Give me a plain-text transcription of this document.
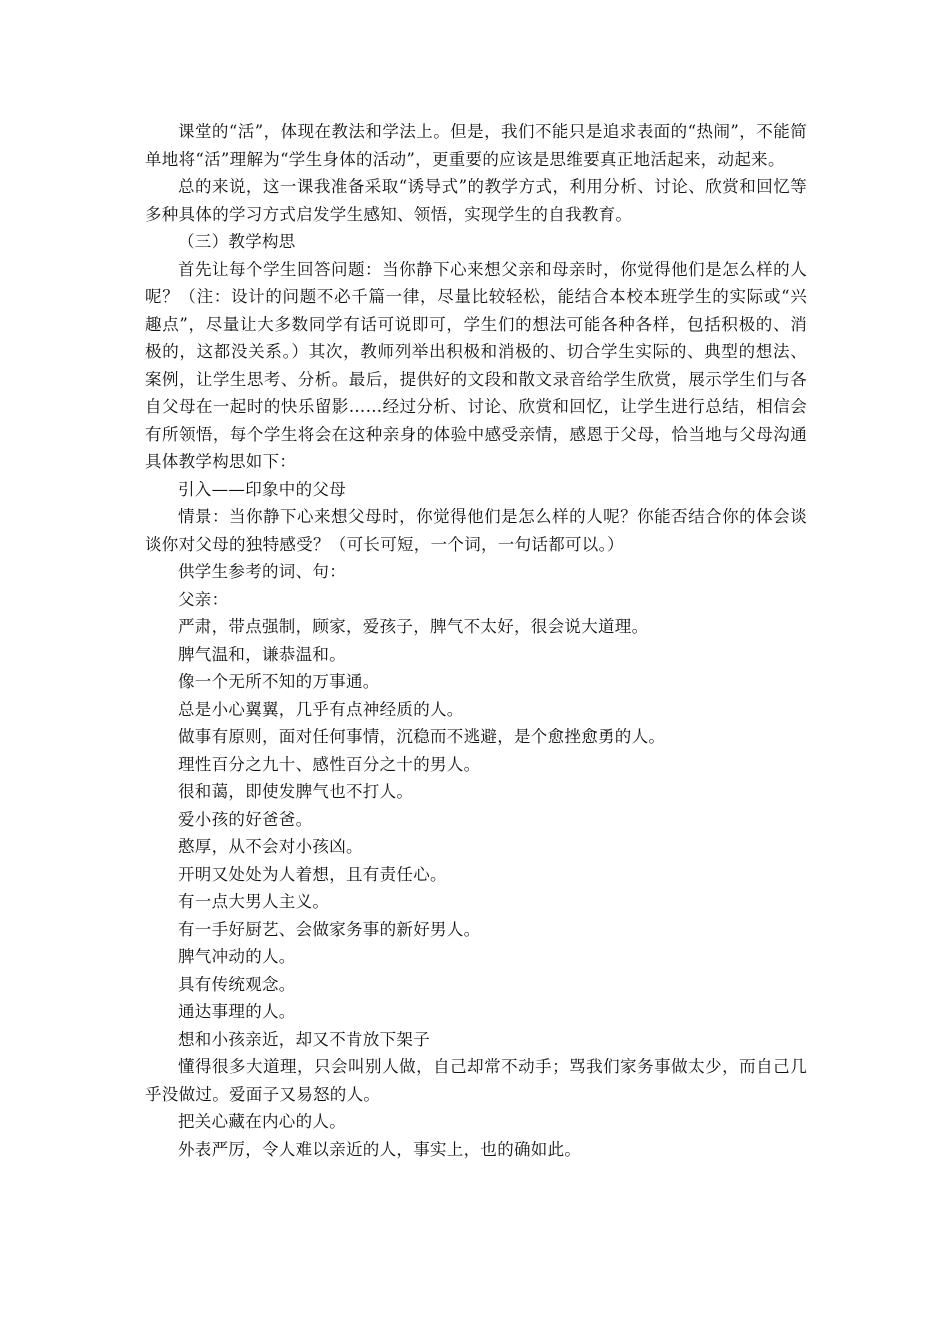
课堂的“活”，体现在教法和学法上。但是，我们不能只是追求表面的“热闹”，不能简单地将“活”理解为“学生身体的活动”，更重要的应该是思维要真正地活起来，动起来。

总的来说，这一课我准备采取“诱导式”的教学方式，利用分析、讨论、欣赏和回忆等多种具体的学习方式启发学生感知、领悟，实现学生的自我教育。

（三）教学构思

首先让每个学生回答问题：当你静下心来想父亲和母亲时，你觉得他们是怎么样的人呢？（注：设计的问题不必千篇一律，尽量比较轻松，能结合本校本班学生的实际或“兴趣点”，尽量让大多数同学有话可说即可，学生们的想法可能各种各样，包括积极的、消极的，这都没关系。）其次，教师列举出积极和消极的、切合学生实际的、典型的想法、案例，让学生思考、分析。最后，提供好的文段和散文录音给学生欣赏，展示学生们与各自父母在一起时的快乐留影……经过分析、讨论、欣赏和回忆，让学生进行总结，相信会有所领悟，每个学生将会在这种亲身的体验中感受亲情，感恩于父母，恰当地与父母沟通具体教学构思如下：

引入——印象中的父母

情景：当你静下心来想父母时，你觉得他们是怎么样的人呢？你能否结合你的体会谈谈你对父母的独特感受？（可长可短，一个词，一句话都可以。）

供学生参考的词、句：

父亲：

严肃，带点强制，顾家，爱孩子，脾气不太好，很会说大道理。

脾气温和，谦恭温和。

像一个无所不知的万事通。

总是小心翼翼，几乎有点神经质的人。

做事有原则，面对任何事情，沉稳而不逃避，是个愈挫愈勇的人。

理性百分之九十、感性百分之十的男人。

很和蔼，即使发脾气也不打人。

爱小孩的好爸爸。

憨厚，从不会对小孩凶。

开明又处处为人着想，且有责任心。

有一点大男人主义。

有一手好厨艺、会做家务事的新好男人。

脾气冲动的人。

具有传统观念。

通达事理的人。

想和小孩亲近，却又不肯放下架子

懂得很多大道理，只会叫别人做，自己却常不动手；骂我们家务事做太少，而自己几乎没做过。爱面子又易怒的人。

把关心藏在内心的人。

外表严厉，令人难以亲近的人，事实上，也的确如此。
